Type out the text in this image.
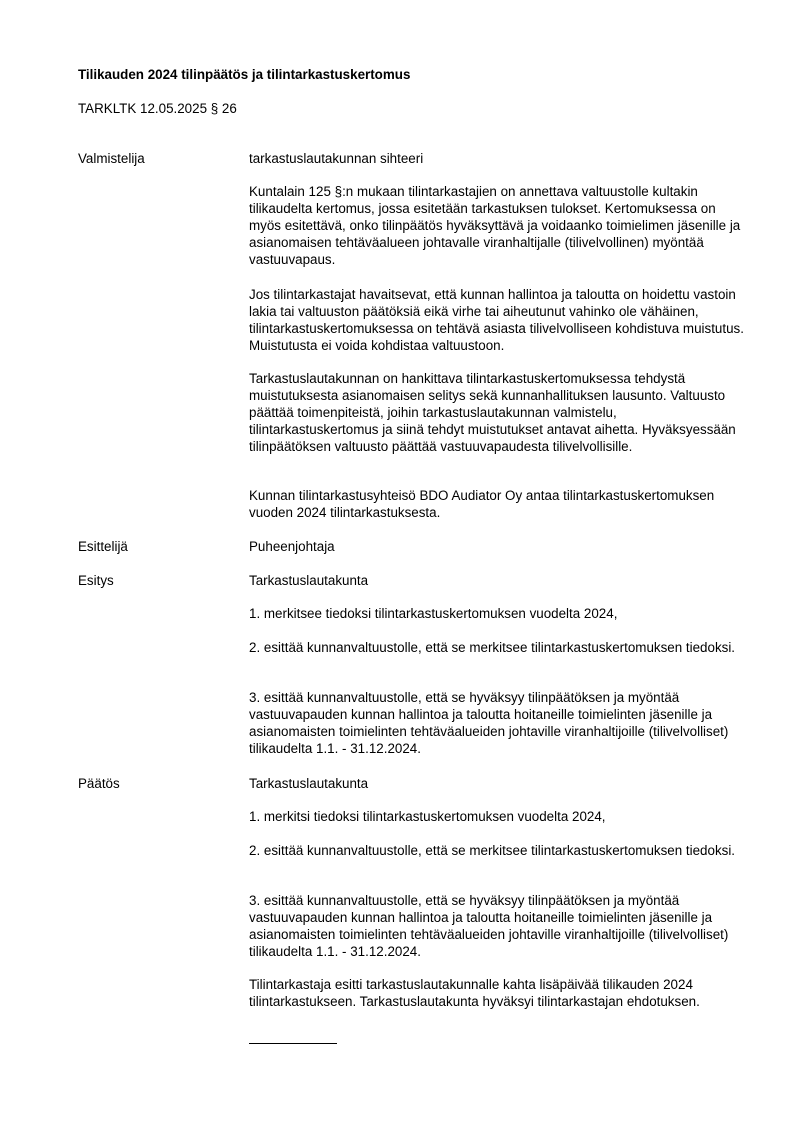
Tilikauden 2024 tilinpäätös ja tilintarkastuskertomus
TARKLTK 12.05.2025 § 26
Valmistelija	tarkastuslautakunnan sihteeri

Kuntalain 125 §:n mukaan tilintarkastajien on annettava valtuustolle kultakin tilikaudelta kertomus, jossa esitetään tarkastuksen tulokset. Kertomuksessa on myös esitettävä, onko tilinpäätös hyväksyttävä ja voidaanko toimielimen jäsenille ja asianomaisen tehtäväalueen johtavalle viranhaltijalle (tilivelvollinen) myöntää vastuuvapaus.

Jos tilintarkastajat havaitsevat, että kunnan hallintoa ja taloutta on hoidettu vastoin lakia tai valtuuston päätöksiä eikä virhe tai aiheutunut vahinko ole vähäinen, tilintarkastuskertomuksessa on tehtävä asiasta tilivelvolliseen kohdistuva muistutus. Muistutusta ei voida kohdistaa valtuustoon.

Tarkastuslautakunnan on hankittava tilintarkastuskertomuksessa tehdystä muistutuksesta asianomaisen selitys sekä kunnanhallituksen lausunto. Valtuusto päättää toimenpiteistä, joihin tarkastuslautakunnan valmistelu, tilintarkastuskertomus ja siinä tehdyt muistutukset antavat aihetta. Hyväksyessään tilinpäätöksen valtuusto päättää vastuuvapaudesta tilivelvollisille.

Kunnan tilintarkastusyhteisö BDO Audiator Oy antaa tilintarkastuskertomuksen vuoden 2024 tilintarkastuksesta.

Esittelijä	Puheenjohtaja

Esitys	Tarkastuslautakunta

1. merkitsee tiedoksi tilintarkastuskertomuksen vuodelta 2024,

2. esittää kunnanvaltuustolle, että se merkitsee tilintarkastuskertomuksen tiedoksi.

3. esittää kunnanvaltuustolle, että se hyväksyy tilinpäätöksen ja myöntää vastuuvapauden kunnan hallintoa ja taloutta hoitaneille toimielinten jäsenille ja asianomaisten toimielinten tehtäväalueiden johtaville viranhaltijoille (tilivelvolliset) tilikaudelta 1.1. - 31.12.2024.

Päätös	Tarkastuslautakunta

1. merkitsi tiedoksi tilintarkastuskertomuksen vuodelta 2024,

2. esittää kunnanvaltuustolle, että se merkitsee tilintarkastuskertomuksen tiedoksi.

3. esittää kunnanvaltuustolle, että se hyväksyy tilinpäätöksen ja myöntää vastuuvapauden kunnan hallintoa ja taloutta hoitaneille toimielinten jäsenille ja asianomaisten toimielinten tehtäväalueiden johtaville viranhaltijoille (tilivelvolliset) tilikaudelta 1.1. - 31.12.2024.

Tilintarkastaja esitti tarkastuslautakunnalle kahta lisäpäivää tilikauden 2024 tilintarkastukseen. Tarkastuslautakunta hyväksyi tilintarkastajan ehdotuksen.
